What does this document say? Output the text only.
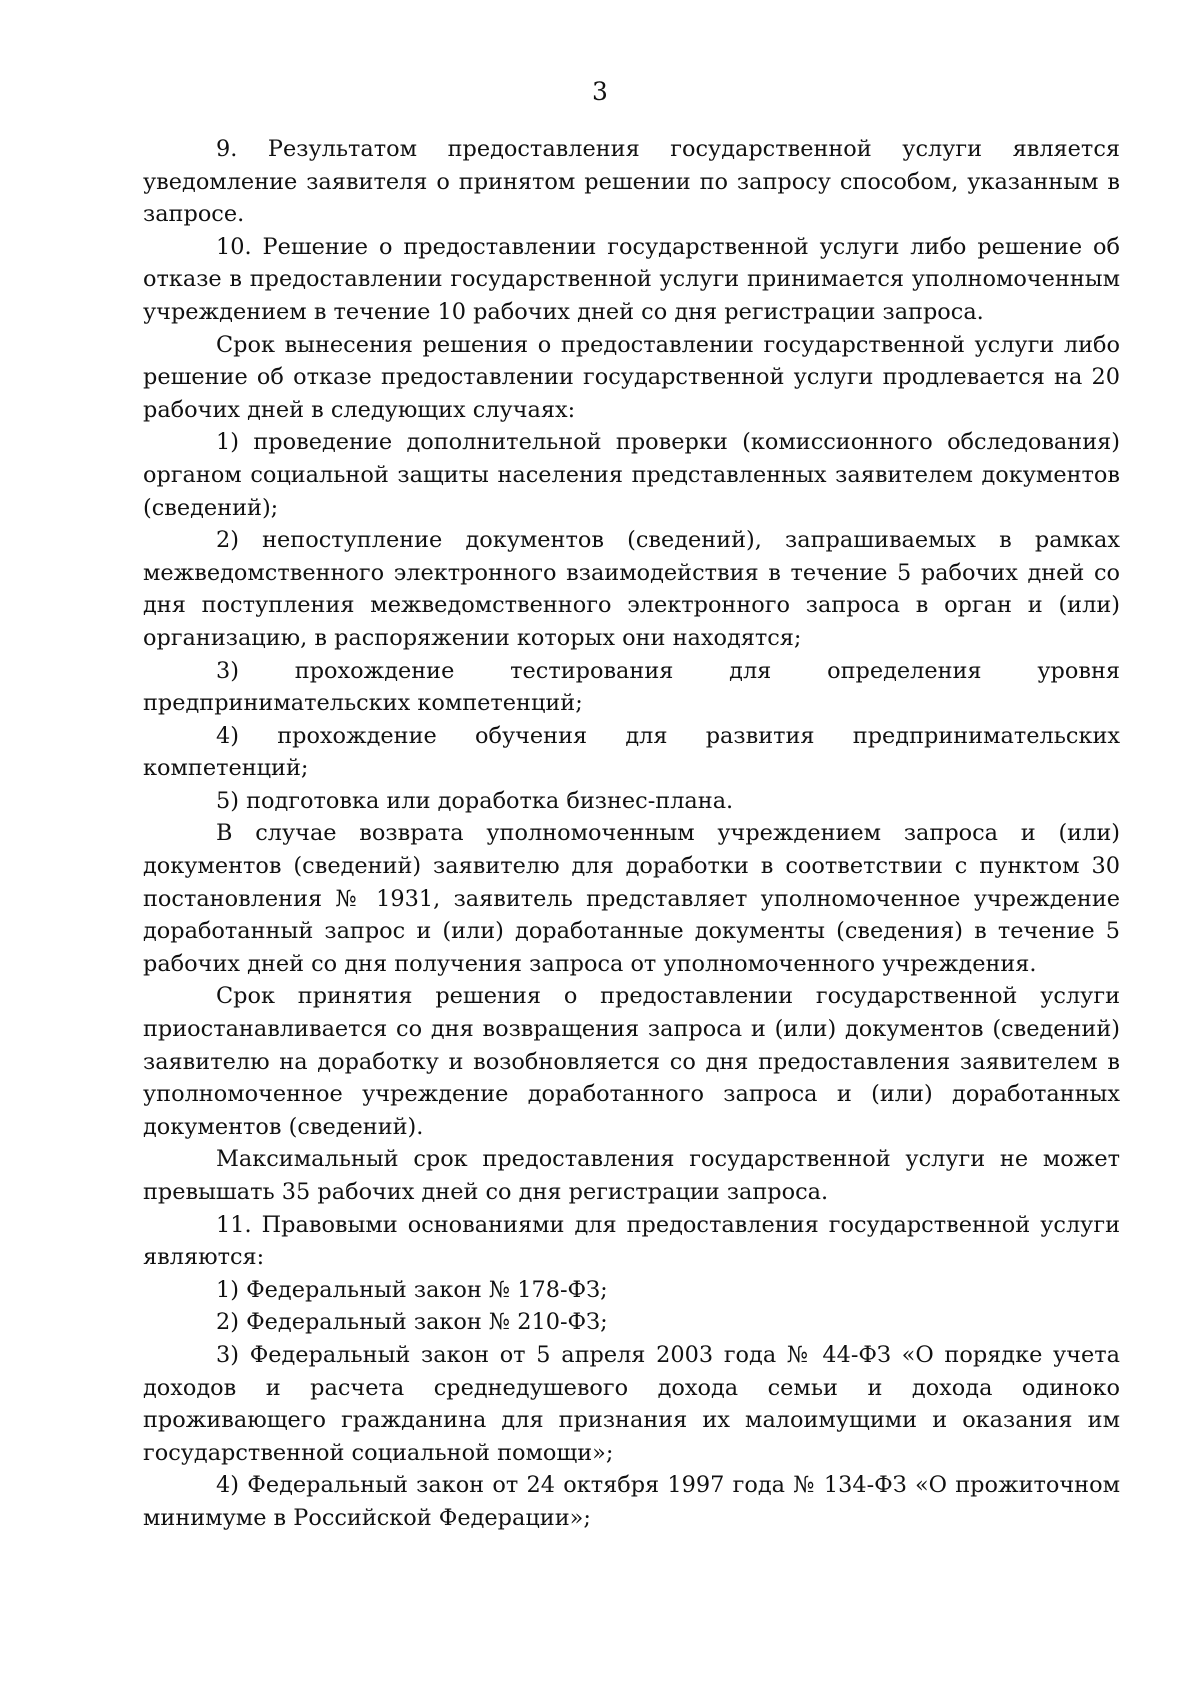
3

9. Результатом предоставления государственной услуги является уведомление заявителя о принятом решении по запросу способом, указанным в запросе.

10. Решение о предоставлении государственной услуги либо решение об отказе в предоставлении государственной услуги принимается уполномоченным учреждением в течение 10 рабочих дней со дня регистрации запроса.

Срок вынесения решения о предоставлении государственной услуги либо решение об отказе предоставлении государственной услуги продлевается на 20 рабочих дней в следующих случаях:

1) проведение дополнительной проверки (комиссионного обследования) органом социальной защиты населения представленных заявителем документов (сведений);

2) непоступление документов (сведений), запрашиваемых в рамках межведомственного электронного взаимодействия в течение 5 рабочих дней со дня поступления межведомственного электронного запроса в орган и (или) организацию, в распоряжении которых они находятся;

3) прохождение тестирования для определения уровня предпринимательских компетенций;

4) прохождение обучения для развития предпринимательских компетенций;

5) подготовка или доработка бизнес-плана.

В случае возврата уполномоченным учреждением запроса и (или) документов (сведений) заявителю для доработки в соответствии с пунктом 30 постановления № 1931, заявитель представляет уполномоченное учреждение доработанный запрос и (или) доработанные документы (сведения) в течение 5 рабочих дней со дня получения запроса от уполномоченного учреждения.

Срок принятия решения о предоставлении государственной услуги приостанавливается со дня возвращения запроса и (или) документов (сведений) заявителю на доработку и возобновляется со дня предоставления заявителем в уполномоченное учреждение доработанного запроса и (или) доработанных документов (сведений).

Максимальный срок предоставления государственной услуги не может превышать 35 рабочих дней со дня регистрации запроса.

11. Правовыми основаниями для предоставления государственной услуги являются:

1) Федеральный закон № 178-ФЗ;

2) Федеральный закон № 210-ФЗ;

3) Федеральный закон от 5 апреля 2003 года № 44-ФЗ «О порядке учета доходов и расчета среднедушевого дохода семьи и дохода одиноко проживающего гражданина для признания их малоимущими и оказания им государственной социальной помощи»;

4) Федеральный закон от 24 октября 1997 года № 134-ФЗ «О прожиточном минимуме в Российской Федерации»;
